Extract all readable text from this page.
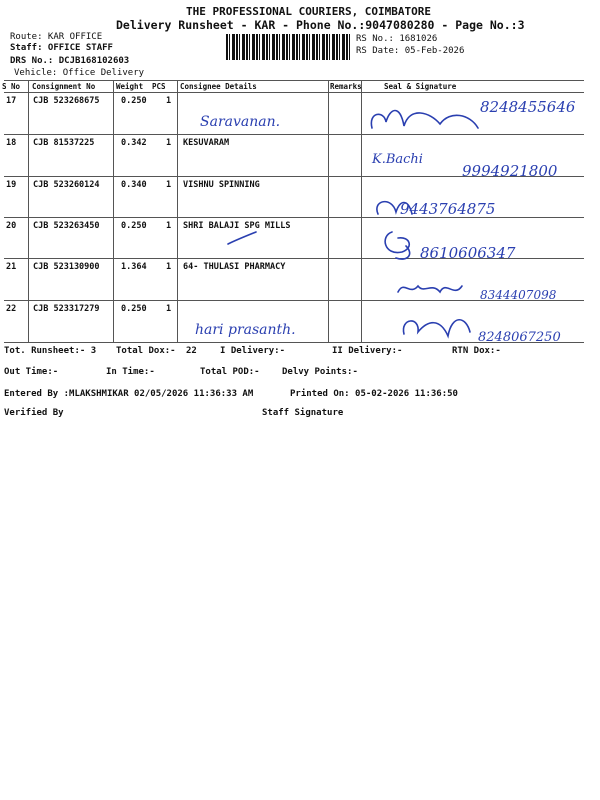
THE PROFESSIONAL COURIERS, COIMBATORE
Delivery Runsheet - KAR - Phone No.:9047080280 - Page No.:3
Route: KAR OFFICE
Staff: OFFICE STAFF
DRS No.: DCJB168102603
Vehicle: Office Delivery
RS No.: 1681026
RS Date: 05-Feb-2026
S No Consignment No	Weight PCS Consignee Details	Remarks	Seal & Signature
17 CJB 523268675	0.250 1
Saravanan.
8248455646
18 CJB 81537225	0.342 1 KESUVARAM
K.Bachi
9994921800
19 CJB 523260124	0.340 1 VISHNU SPINNING
9443764875
20 CJB 523263450	0.250 1 SHRI BALAJI SPG MILLS
8610606347
21 CJB 523130900	1.364 1 64- THULASI PHARMACY
8344407098
22 CJB 523317279	0.250 1
hari prasanth.	8248067250
Tot. Runsheet:- 3 Total Dox:- 22	I Delivery:-	II Delivery:-	RTN Dox:-
Out Time:-	In Time:-	Total POD:- Delvy Points:-
Entered By :MLAKSHMIKAR 02/05/2026 11:36:33 AM	Printed On: 05-02-2026 11:36:50
Verified By	Staff Signature
